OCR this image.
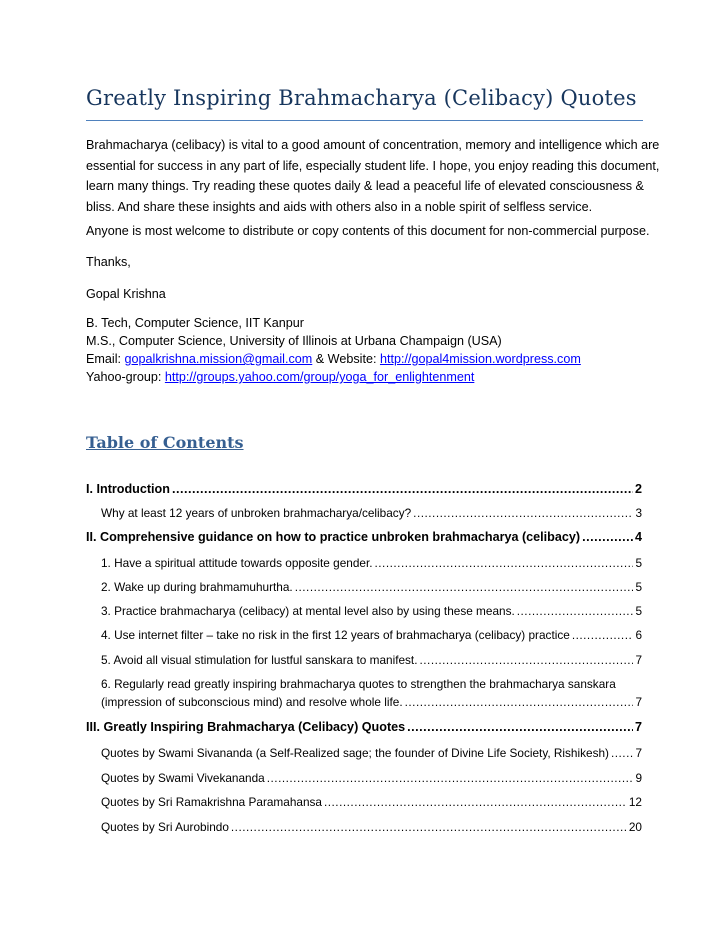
Greatly Inspiring Brahmacharya (Celibacy) Quotes
Brahmacharya (celibacy) is vital to a good amount of concentration, memory and intelligence which are
essential for success in any part of life, especially student life. I hope, you enjoy reading this document,
learn many things. Try reading these quotes daily & lead a peaceful life of elevated consciousness &
bliss. And share these insights and aids with others also in a noble spirit of selfless service.
Anyone is most welcome to distribute or copy contents of this document for non-commercial purpose.
Thanks,
Gopal Krishna
B. Tech, Computer Science, IIT Kanpur
M.S., Computer Science, University of Illinois at Urbana Champaign (USA)
Email: gopalkrishna.mission@gmail.com & Website: http://gopal4mission.wordpress.com
Yahoo-group: http://groups.yahoo.com/group/yoga_for_enlightenment
Table of Contents
I. Introduction .....	2
Why at least 12 years of unbroken brahmacharya/celibacy? .....	3
II. Comprehensive guidance on how to practice unbroken brahmacharya (celibacy) .....	4
1. Have a spiritual attitude towards opposite gender. .....	5
2. Wake up during brahmamuhurtha. .....	5
3. Practice brahmacharya (celibacy) at mental level also by using these means. .....	5
4. Use internet filter – take no risk in the first 12 years of brahmacharya (celibacy) practice .....	6
5. Avoid all visual stimulation for lustful sanskara to manifest. .....	7
6. Regularly read greatly inspiring brahmacharya quotes to strengthen the brahmacharya sanskara
(impression of subconscious mind) and resolve whole life. .....	7
III. Greatly Inspiring Brahmacharya (Celibacy) Quotes .....	7
Quotes by Swami Sivananda (a Self-Realized sage; the founder of Divine Life Society, Rishikesh) ..... 7
Quotes by Swami Vivekananda .....	9
Quotes by Sri Ramakrishna Paramahansa .....	12
Quotes by Sri Aurobindo .....	20
